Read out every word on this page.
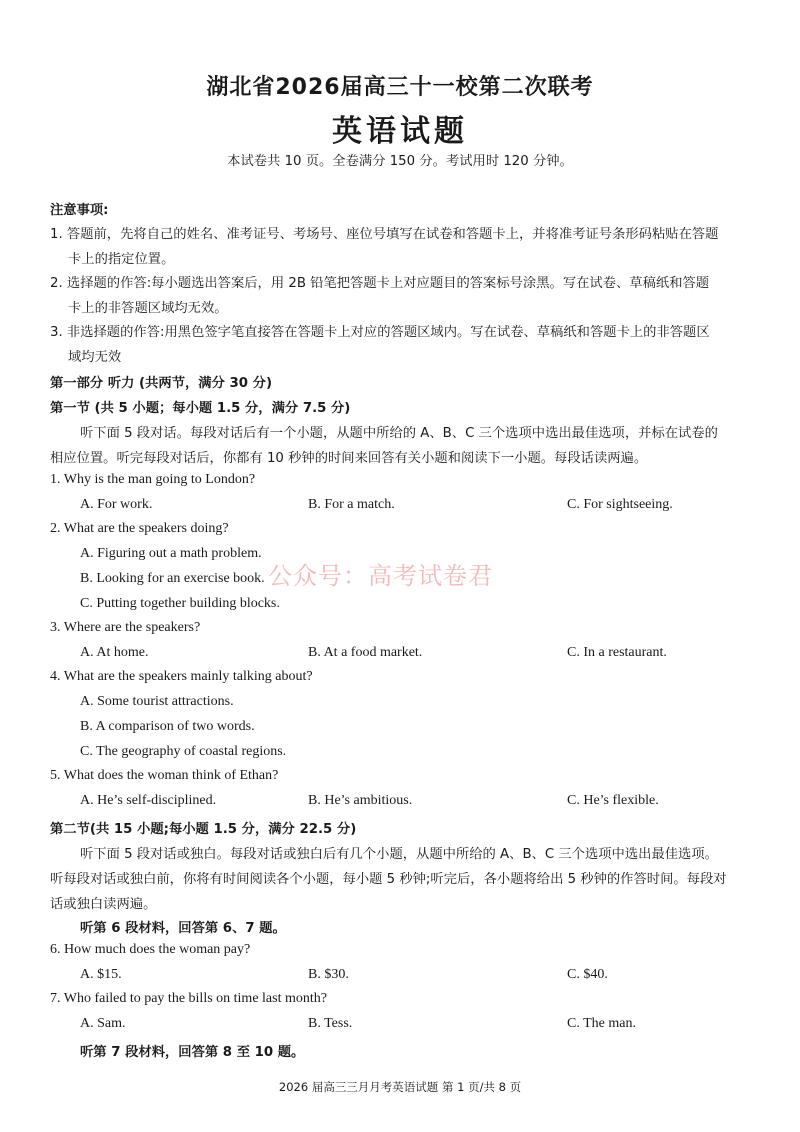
湖北省2026届高三十一校第二次联考
英语试题
本试卷共 10 页。全卷满分 150 分。考试用时 120 分钟。
注意事项:
1. 答题前，先将自己的姓名、准考证号、考场号、座位号填写在试卷和答题卡上，并将准考证号条形码粘贴在答题
卡上的指定位置。
2. 选择题的作答:每小题选出答案后，用 2B 铅笔把答题卡上对应题目的答案标号涂黑。写在试卷、草稿纸和答题
卡上的非答题区域均无效。
3. 非选择题的作答:用黑色签字笔直接答在答题卡上对应的答题区域内。写在试卷、草稿纸和答题卡上的非答题区
域均无效
第一部分 听力 (共两节，满分 30 分)
第一节 (共 5 小题；每小题 1.5 分，满分 7.5 分)
听下面 5 段对话。每段对话后有一个小题，从题中所给的 A、B、C 三个选项中选出最佳选项，并标在试卷的
相应位置。听完每段对话后，你都有 10 秒钟的时间来回答有关小题和阅读下一小题。每段话读两遍。
1. Why is the man going to London?
A. For work.	B. For a match.	C. For sightseeing.
2. What are the speakers doing?
A. Figuring out a math problem.
B. Looking for an exercise book.
C. Putting together building blocks.
3. Where are the speakers?
A. At home.	B. At a food market.	C. In a restaurant.
4. What are the speakers mainly talking about?
A. Some tourist attractions.
B. A comparison of two words.
C. The geography of coastal regions.
5. What does the woman think of Ethan?
A. He’s self-disciplined.	B. He’s ambitious.	C. He’s flexible.
第二节(共 15 小题;每小题 1.5 分，满分 22.5 分)
听下面 5 段对话或独白。每段对话或独白后有几个小题，从题中所给的 A、B、C 三个选项中选出最佳选项。
听每段对话或独白前，你将有时间阅读各个小题，每小题 5 秒钟;听完后，各小题将给出 5 秒钟的作答时间。每段对
话或独白读两遍。
听第 6 段材料，回答第 6、7 题。
6. How much does the woman pay?
A. $15.	B. $30.	C. $40.
7. Who failed to pay the bills on time last month?
A. Sam.	B. Tess.	C. The man.
听第 7 段材料，回答第 8 至 10 题。
公众号：高考试卷君
2026 届高三三月月考英语试题 第 1 页/共 8 页
